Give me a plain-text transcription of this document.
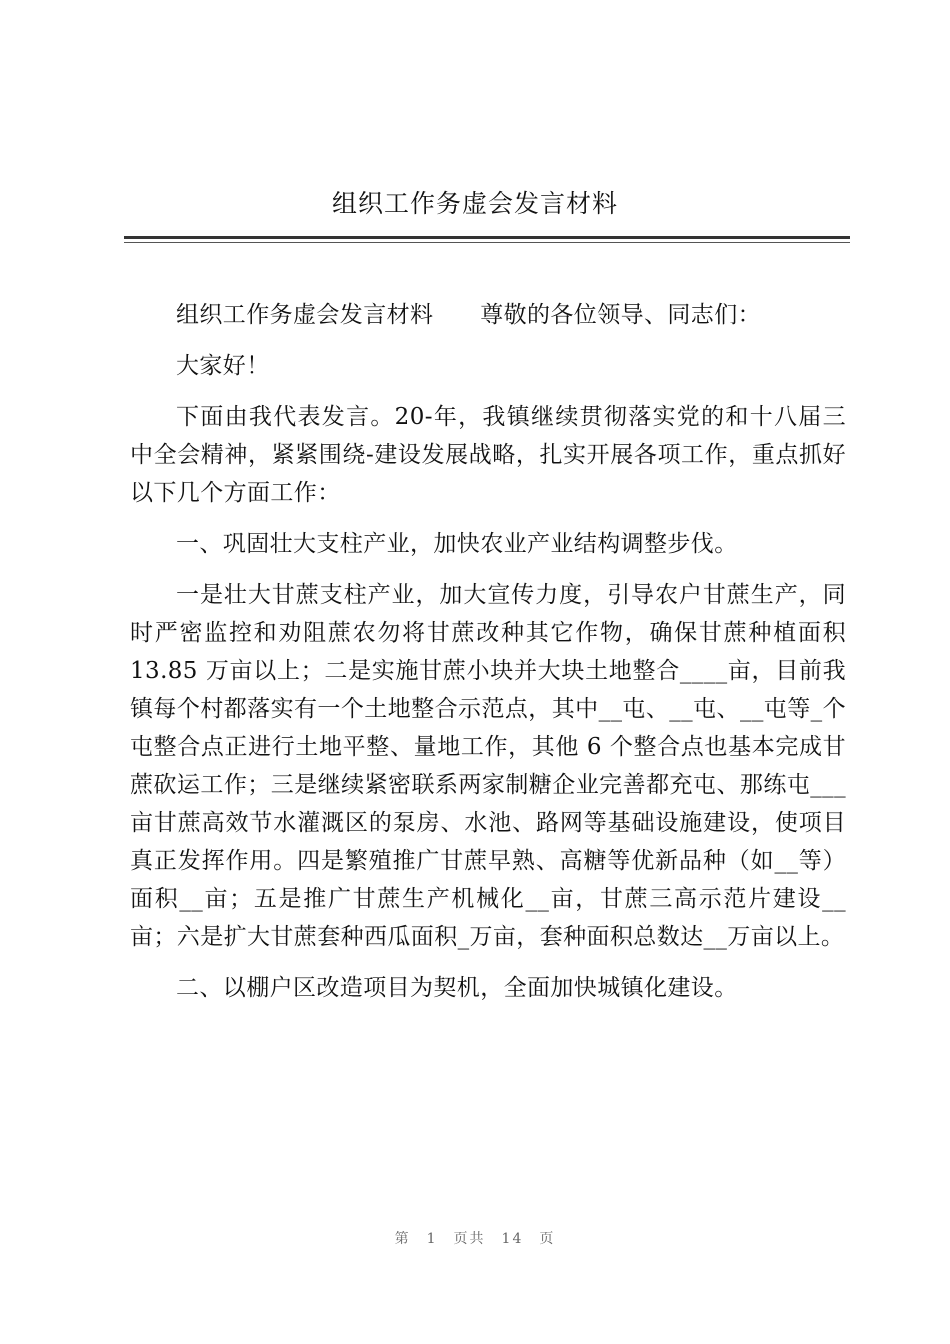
组织工作务虚会发言材料

组织工作务虚会发言材料　　尊敬的各位领导、同志们：

大家好！

下面由我代表发言。20-年，我镇继续贯彻落实党的和十八届三中全会精神，紧紧围绕-建设发展战略，扎实开展各项工作，重点抓好以下几个方面工作：

一、巩固壮大支柱产业，加快农业产业结构调整步伐。

一是壮大甘蔗支柱产业，加大宣传力度，引导农户甘蔗生产，同时严密监控和劝阻蔗农勿将甘蔗改种其它作物，确保甘蔗种植面积 13.85 万亩以上；二是实施甘蔗小块并大块土地整合____亩，目前我镇每个村都落实有一个土地整合示范点，其中__屯、__屯、__屯等_个屯整合点正进行土地平整、量地工作，其他 6 个整合点也基本完成甘蔗砍运工作；三是继续紧密联系两家制糖企业完善都充屯、那练屯___亩甘蔗高效节水灌溉区的泵房、水池、路网等基础设施建设，使项目真正发挥作用。四是繁殖推广甘蔗早熟、高糖等优新品种（如__等）面积__亩；五是推广甘蔗生产机械化__亩，甘蔗三高示范片建设__亩；六是扩大甘蔗套种西瓜面积_万亩，套种面积总数达__万亩以上。

二、以棚户区改造项目为契机，全面加快城镇化建设。

第　1　页共　14　页
